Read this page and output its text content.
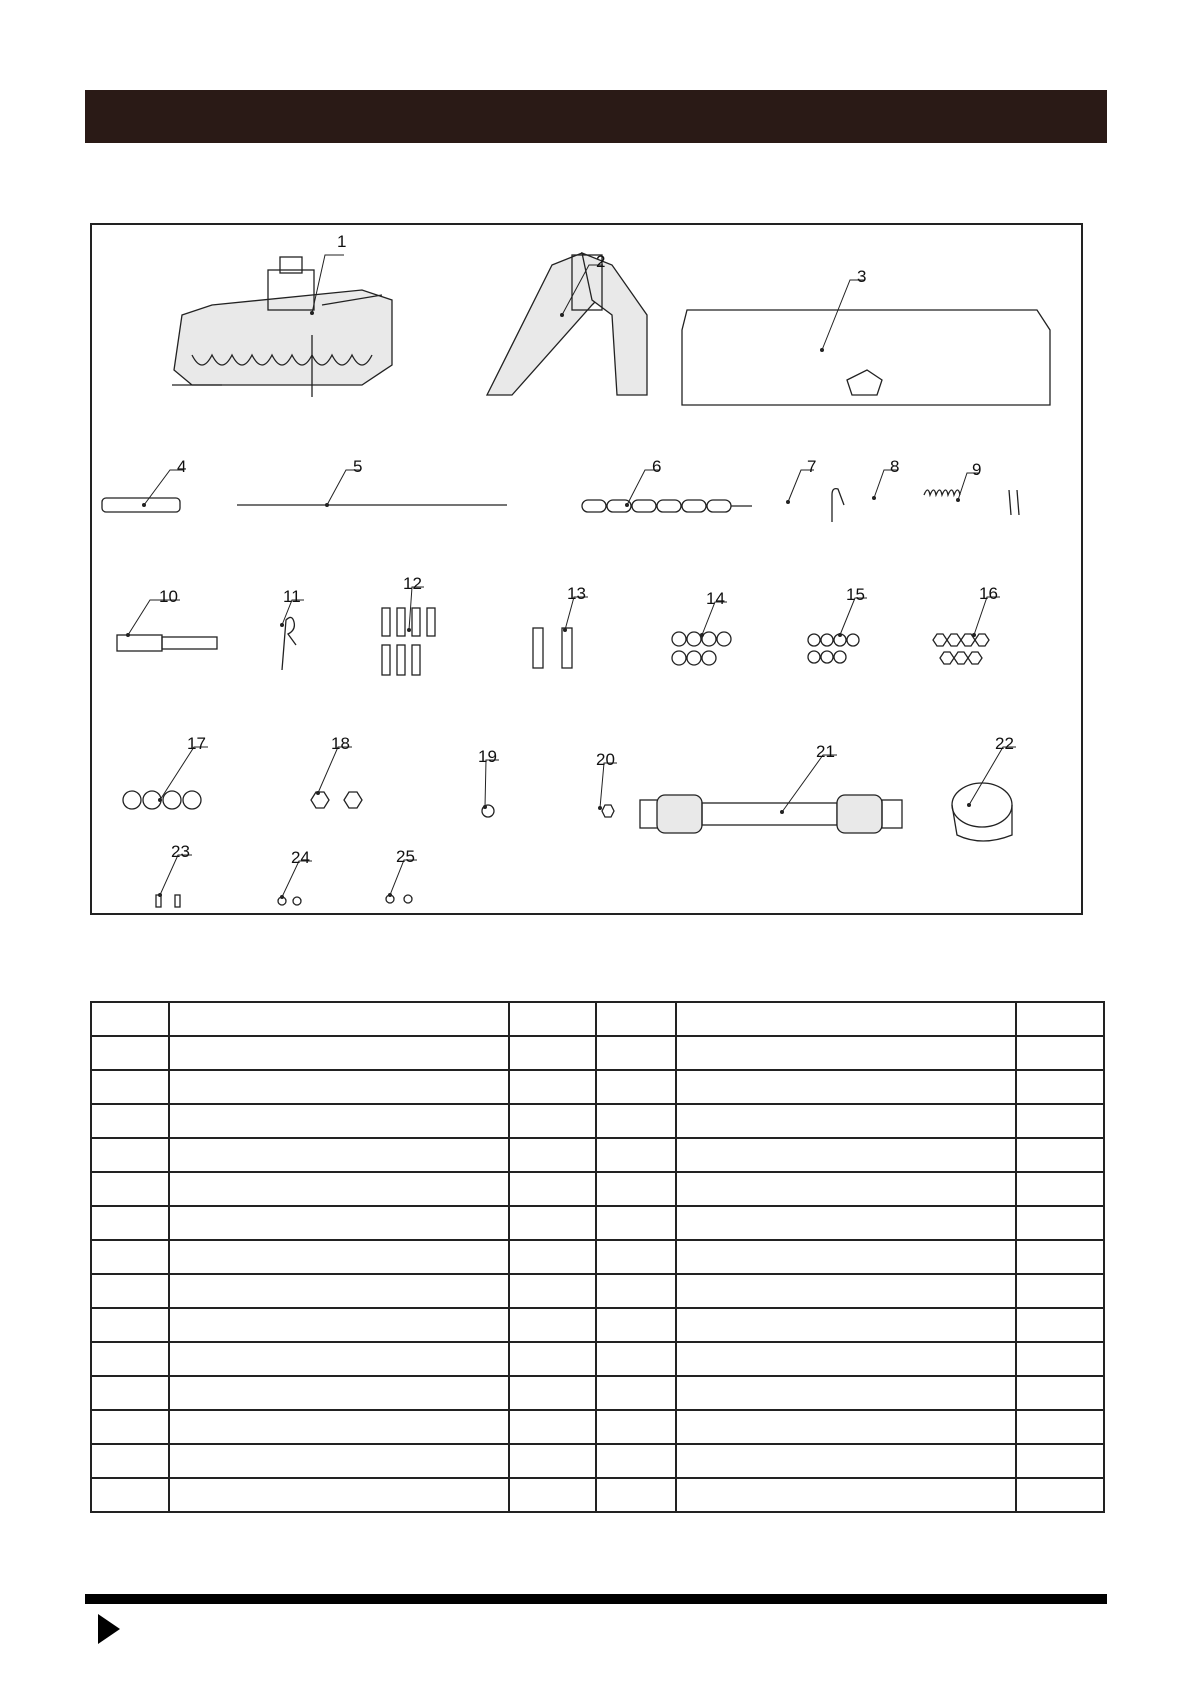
1
2
3
4	5	6	7	8	9
10	11
12
13	14	15	16
17	18
19	20	21	22
23	24	25
